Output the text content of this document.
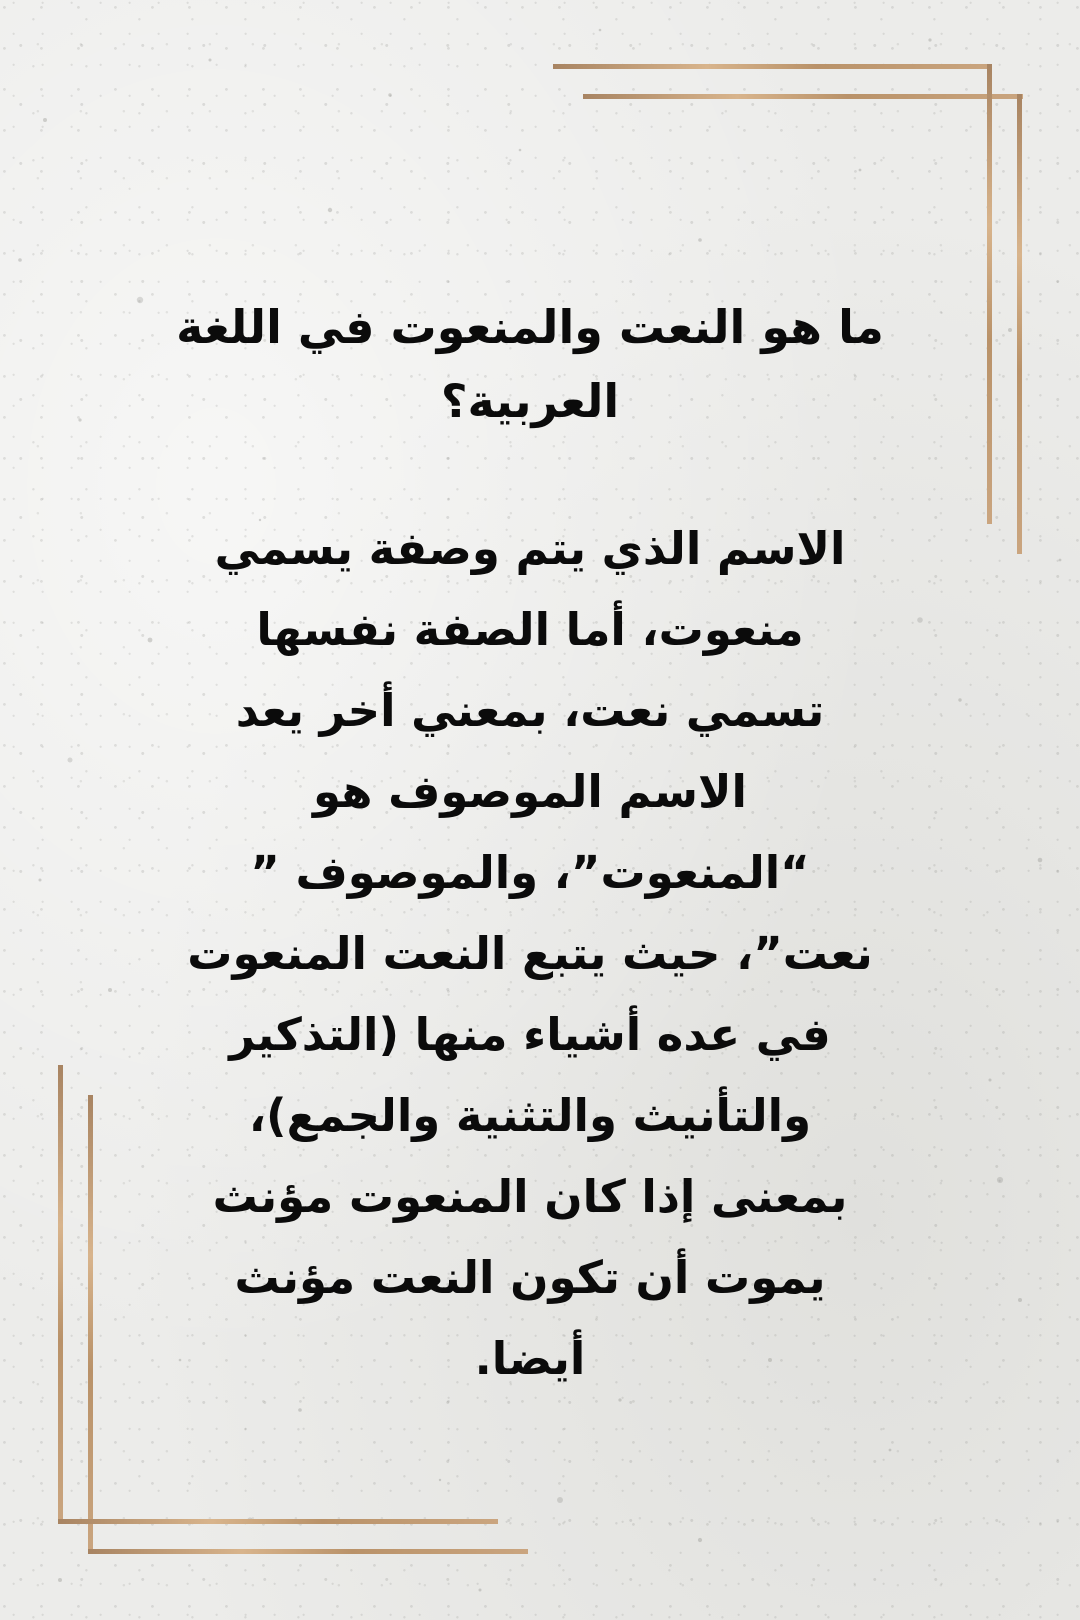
ما هو النعت والمنعوت في اللغة العربية؟

الاسم الذي يتم وصفة يسمي منعوت، أما الصفة نفسها تسمي نعت، بمعني أخر يعد الاسم الموصوف هو “المنعوت”، والموصوف ” نعت”، حيث يتبع النعت المنعوت في عده أشياء منها (التذكير والتأنيث والتثنية والجمع)، بمعنى إذا كان المنعوت مؤنث يموت أن تكون النعت مؤنث أيضا.
